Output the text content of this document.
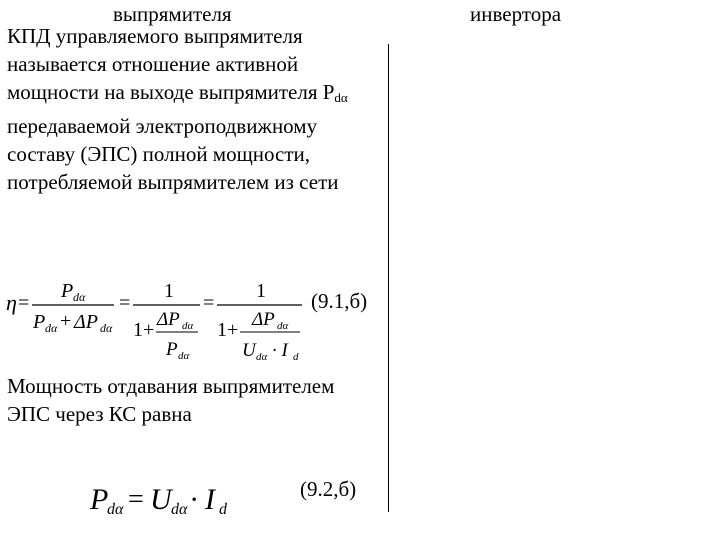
выпрямителя	инвертора

КПД управляемого выпрямителя называется отношение активной мощности на выходе выпрямителя $P_{d\alpha}$ передаваемой электроподвижному составу (ЭПС) полной мощности, потребляемой выпрямителем из сети

η =
P dα
P dα + ΔP dα
=
1
1+ ΔP dα
P dα
=
1
1+ ΔP dα
U dα · I d
(9.1,б)

Мощность отдавания выпрямителем ЭПС через КС равна

P
dα = U dα · I d
(9.2,б)
